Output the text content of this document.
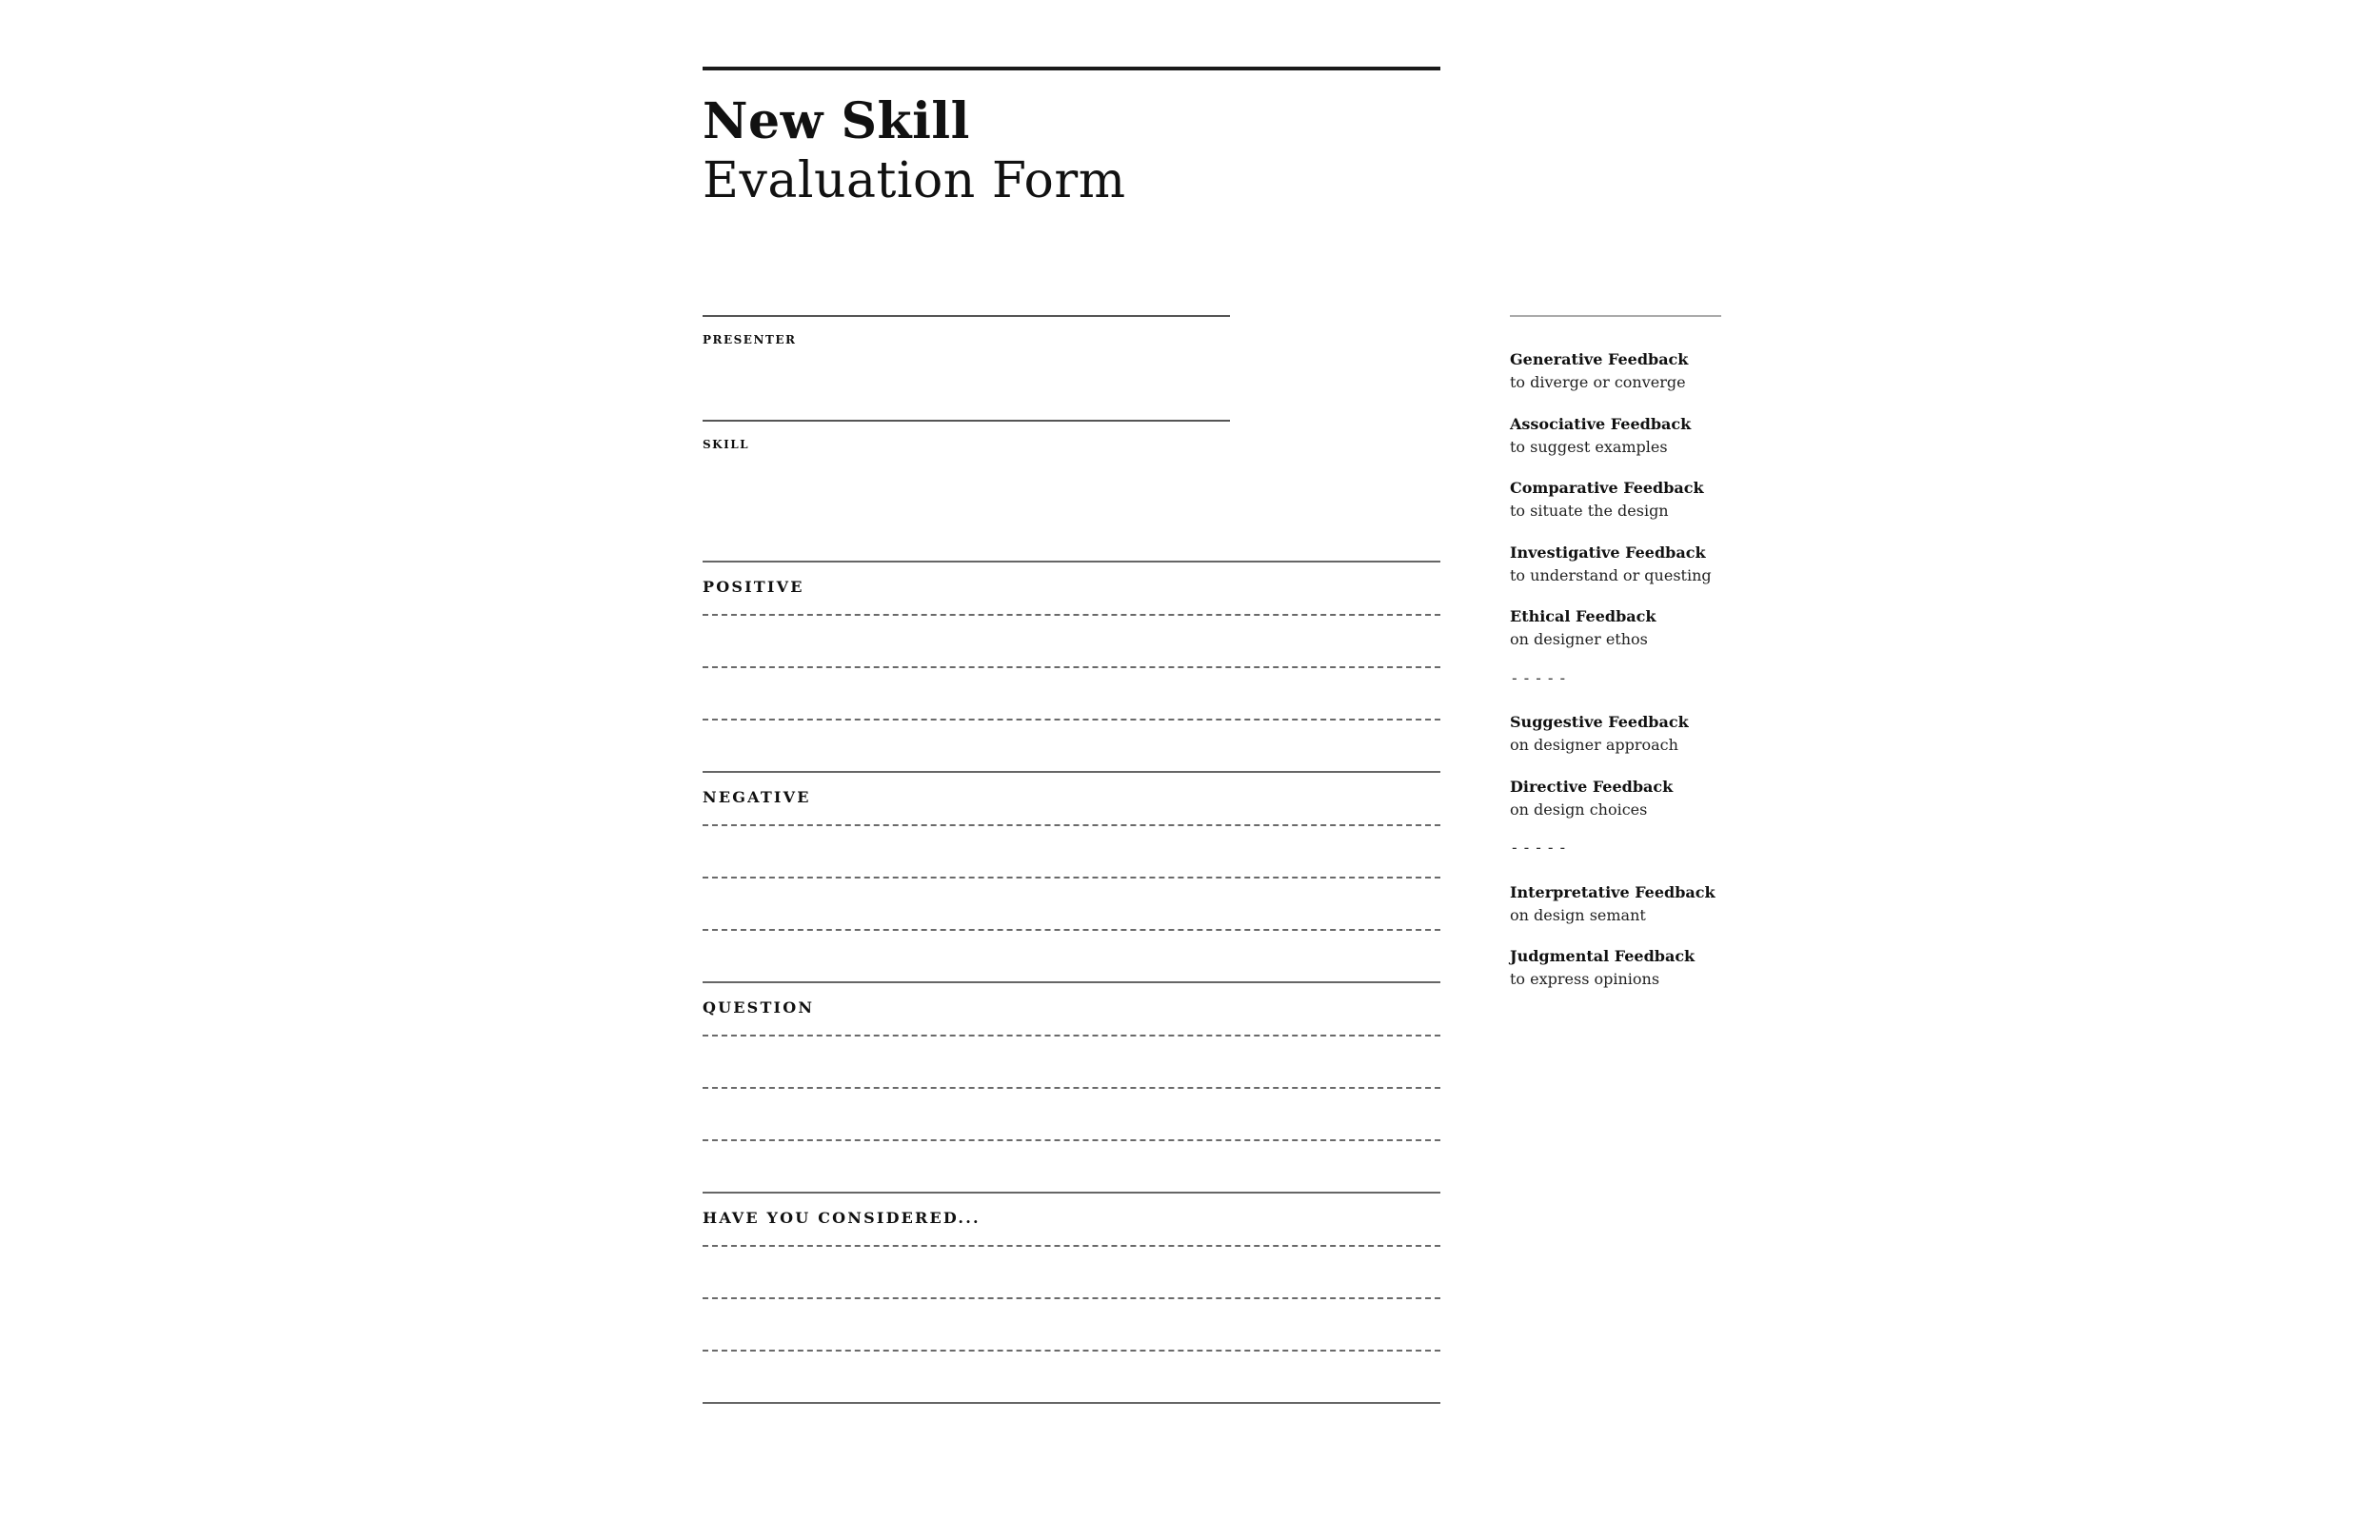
New Skill
Evaluation Form
PRESENTER
SKILL
POSITIVE
NEGATIVE
QUESTION
HAVE YOU CONSIDERED...
Generative Feedback
to diverge or converge
Associative Feedback
to suggest examples
Comparative Feedback
to situate the design
Investigative Feedback
to understand or questing
Ethical Feedback
on designer ethos
-----
Suggestive Feedback
on designer approach
Directive Feedback
on design choices
-----
Interpretative Feedback
on design semant
Judgmental Feedback
to express opinions
